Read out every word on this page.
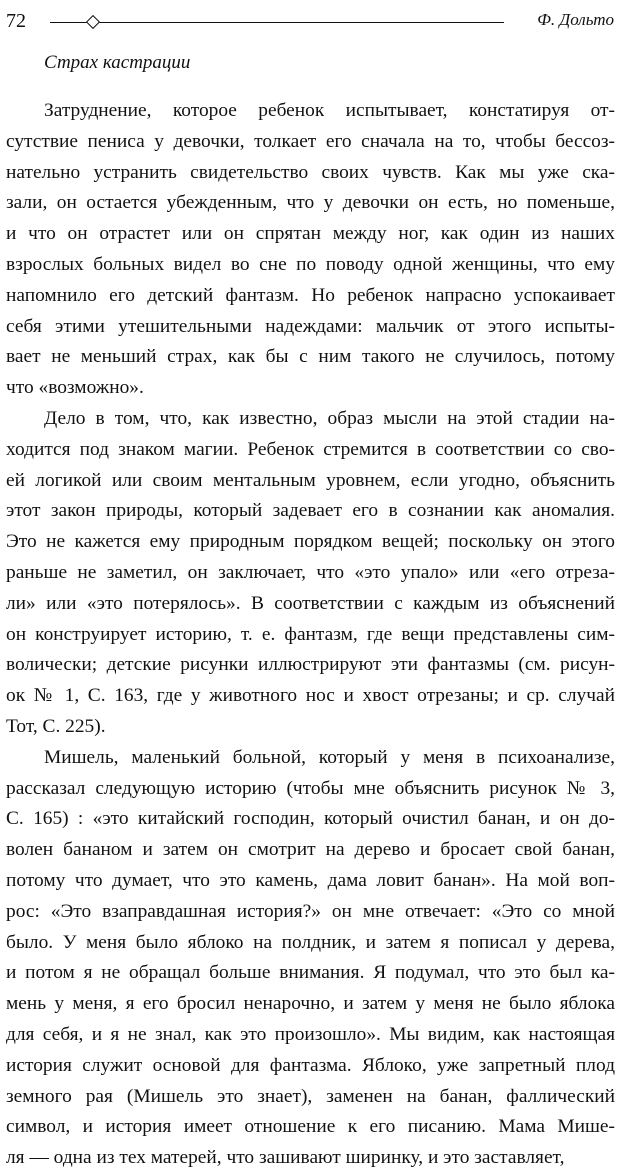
72	Ф. Дольто
Страх кастрации
Затруднение, которое ребенок испытывает, констатируя от-
сутствие пениса у девочки, толкает его сначала на то, чтобы бессоз-
нательно устранить свидетельство своих чувств. Как мы уже ска-
зали, он остается убежденным, что у девочки он есть, но поменьше,
и что он отрастет или он спрятан между ног, как один из наших
взрослых больных видел во сне по поводу одной женщины, что ему
напомнило его детский фантазм. Но ребенок напрасно успокаивает
себя этими утешительными надеждами: мальчик от этого испыты-
вает не меньший страх, как бы с ним такого не случилось, потому
что «возможно».
Дело в том, что, как известно, образ мысли на этой стадии на-
ходится под знаком магии. Ребенок стремится в соответствии со сво-
ей логикой или своим ментальным уровнем, если угодно, объяснить
этот закон природы, который задевает его в сознании как аномалия.
Это не кажется ему природным порядком вещей; поскольку он этого
раньше не заметил, он заключает, что «это упало» или «его отреза-
ли» или «это потерялось». В соответствии с каждым из объяснений
он конструирует историю, т. е. фантазм, где вещи представлены сим-
волически; детские рисунки иллюстрируют эти фантазмы (см. рисун-
ок № 1, С. 163, где у животного нос и хвост отрезаны; и ср. случай
Тот, С. 225).
Мишель, маленький больной, который у меня в психоанализе,
рассказал следующую историю (чтобы мне объяснить рисунок № 3,
С. 165) : «это китайский господин, который очистил банан, и он до-
волен бананом и затем он смотрит на дерево и бросает свой банан,
потому что думает, что это камень, дама ловит банан». На мой воп-
рос: «Это взаправдашная история?» он мне отвечает: «Это со мной
было. У меня было яблоко на полдник, и затем я пописал у дерева,
и потом я не обращал больше внимания. Я подумал, что это был ка-
мень у меня, я его бросил ненарочно, и затем у меня не было яблока
для себя, и я не знал, как это произошло». Мы видим, как настоящая
история служит основой для фантазма. Яблоко, уже запретный плод
земного рая (Мишель это знает), заменен на банан, фаллический
символ, и история имеет отношение к его писанию. Мама Мише-
ля — одна из тех матерей, что зашивают ширинку, и это заставляет,
